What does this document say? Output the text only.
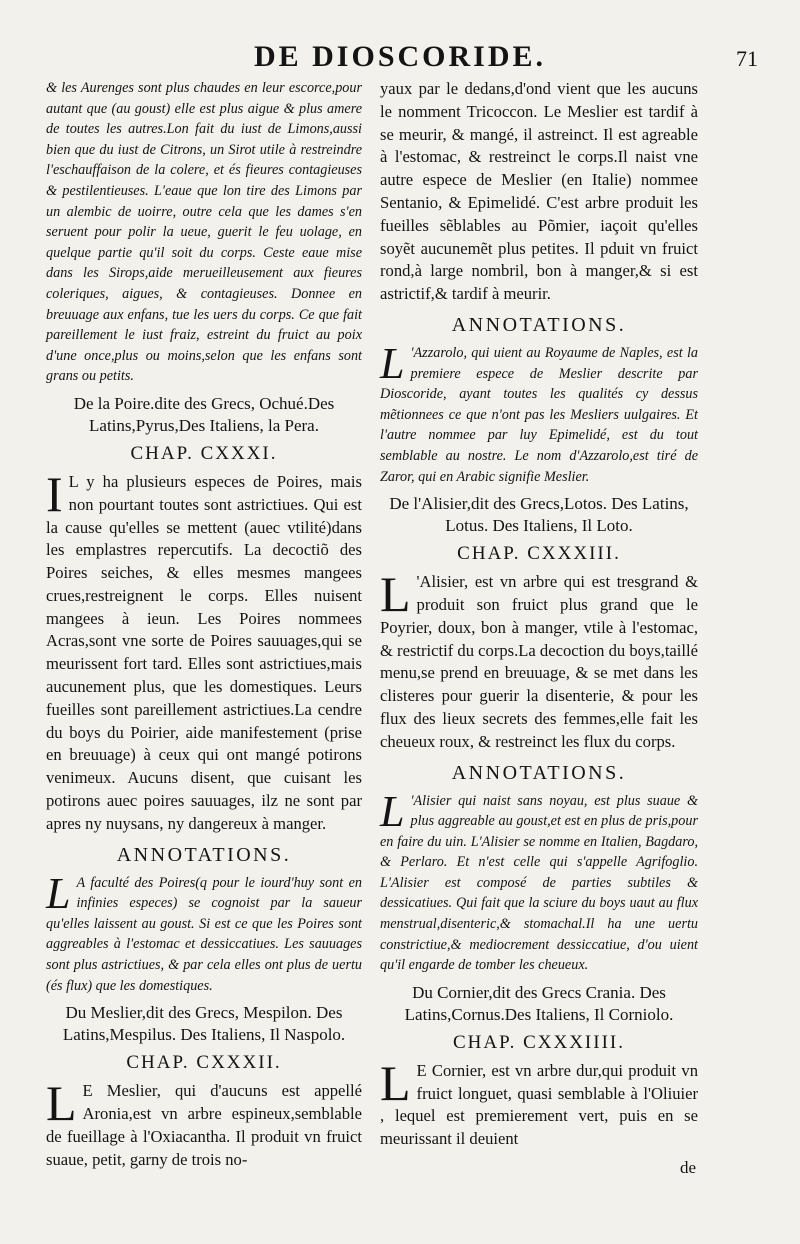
DE DIOSCORIDE.	71

& les Aurenges sont plus chaudes en leur escorce,pour autant que (au goust) elle est plus aigue & plus amere de toutes les autres.Lon fait du iust de Limons,aussi bien que du iust de Citrons, un Sirot utile à restreindre l'eschauffaison de la colere, et és fieures contagieuses & pestilentieuses. L'eaue que lon tire des Limons par un alembic de uoirre, outre cela que les dames s'en seruent pour polir la ueue, guerit le feu uolage, en quelque partie qu'il soit du corps. Ceste eaue mise dans les Sirops,aide merueilleusement aux fieures coleriques, aigues, & contagieuses. Donnee en breuuage aux enfans, tue les uers du corps. Ce que fait pareillement le iust fraiz, estreint du fruict au poix d'une once,plus ou moins,selon que les enfans sont grans ou petits.

De la Poire.dite des Grecs, Ochué.Des Latins,Pyrus,Des Italiens, la Pera.
CHAP. CXXXI.

I L y ha plusieurs especes de Poires, mais non pourtant toutes sont astrictiues. Qui est la cause qu'elles se mettent (auec vtilité)dans les emplastres repercutifs. La decoctiõ des Poires seiches, & elles mesmes mangees crues,restreignent le corps. Elles nuisent mangees à ieun. Les Poires nommees Acras,sont vne sorte de Poires sauuages,qui se meurissent fort tard. Elles sont astrictiues,mais aucunement plus, que les domestiques. Leurs fueilles sont pareillement astrictiues.La cendre du boys du Poirier, aide manifestement (prise en breuuage) à ceux qui ont mangé potirons venimeux. Aucuns disent, que cuisant les potirons auec poires sauuages, ilz ne sont par apres ny nuysans, ny dangereux à manger.

ANNOTATIONS.

L A faculté des Poires(q pour le iourd'huy sont en infinies especes) se cognoist par la saueur qu'elles laissent au goust. Si est ce que les Poires sont aggreables à l'estomac et dessiccatiues. Les sauuages sont plus astrictiues, & par cela elles ont plus de uertu (és flux) que les domestiques.

Du Meslier,dit des Grecs, Mespilon. Des Latins,Mespilus. Des Italiens, Il Naspolo.
CHAP. CXXXII.

L E Meslier, qui d'aucuns est appellé Aronia,est vn arbre espineux,semblable de fueillage à l'Oxiacantha. Il produit vn fruict suaue, petit, garny de trois no-

yaux par le dedans,d'ond vient que les aucuns le nomment Tricoccon. Le Meslier est tardif à se meurir, & mangé, il astreinct. Il est agreable à l'estomac, & restreinct le corps.Il naist vne autre espece de Meslier (en Italie) nommee Sentanio, & Epimelidé. C'est arbre produit les fueilles sẽblables au Põmier, iaçoit qu'elles soyẽt aucunemẽt plus petites. Il pduit vn fruict rond,à large nombril, bon à manger,& si est astrictif,& tardif à meurir.

ANNOTATIONS.

L 'Azzarolo, qui uient au Royaume de Naples, est la premiere espece de Meslier descrite par Dioscoride, ayant toutes les qualités cy dessus mẽtionnees ce que n'ont pas les Mesliers uulgaires. Et l'autre nommee par luy Epimelidé, est du tout semblable au nostre. Le nom d'Azzarolo,est tiré de Zaror, qui en Arabic signifie Meslier.

De l'Alisier,dit des Grecs,Lotos. Des Latins, Lotus. Des Italiens, Il Loto.
CHAP. CXXXIII.

L 'Alisier, est vn arbre qui est tresgrand & produit son fruict plus grand que le Poyrier, doux, bon à manger, vtile à l'estomac, & restrictif du corps.La decoction du boys,taillé menu,se prend en breuuage, & se met dans les clisteres pour guerir la disenterie, & pour les flux des lieux secrets des femmes,elle fait les cheueux roux, & restreinct les flux du corps.

ANNOTATIONS.

L 'Alisier qui naist sans noyau, est plus suaue & plus aggreable au goust,et est en plus de pris,pour en faire du uin. L'Alisier se nomme en Italien, Bagdaro, & Perlaro. Et n'est celle qui s'appelle Agrifoglio. L'Alisier est composé de parties subtiles & dessicatiues. Qui fait que la sciure du boys uaut au flux menstrual,disenteric,& stomachal.Il ha une uertu constrictiue,& mediocrement dessiccatiue, d'ou uient qu'il engarde de tomber les cheueux.

Du Cornier,dit des Grecs Crania. Des Latins,Cornus.Des Italiens, Il Corniolo.
CHAP. CXXXIIII.

L E Cornier, est vn arbre dur,qui produit vn fruict longuet, quasi semblable à l'Oliuier , lequel est premierement vert, puis en se meurissant il deuient

de
